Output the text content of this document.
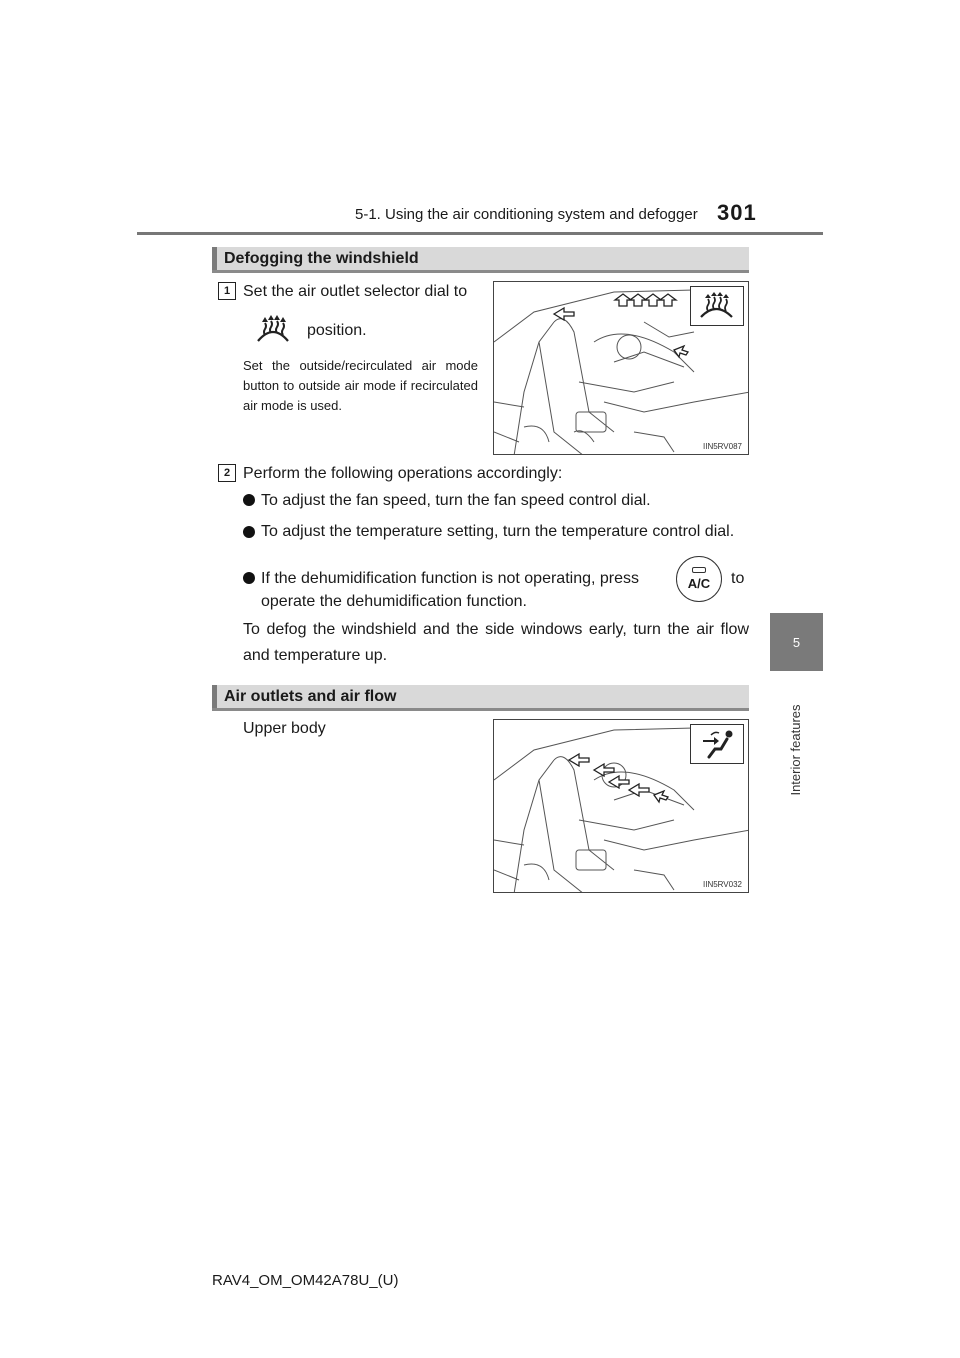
5-1. Using the air conditioning system and defogger 301
5
Interior features
Defogging the windshield
1 Set the air outlet selector dial to
position.
Set the outside/recirculated air mode button to outside air mode if recirculated air mode is used.
IIN5RV087
2 Perform the following operations accordingly:
To adjust the fan speed, turn the fan speed control dial.
To adjust the temperature setting, turn the temperature control dial.
If the dehumidification function is not operating, press	A/C to
operate the dehumidification function.
To defog the windshield and the side windows early, turn the air flow and temperature up.
Air outlets and air flow
Upper body
IIN5RV032
RAV4_OM_OM42A78U_(U)
